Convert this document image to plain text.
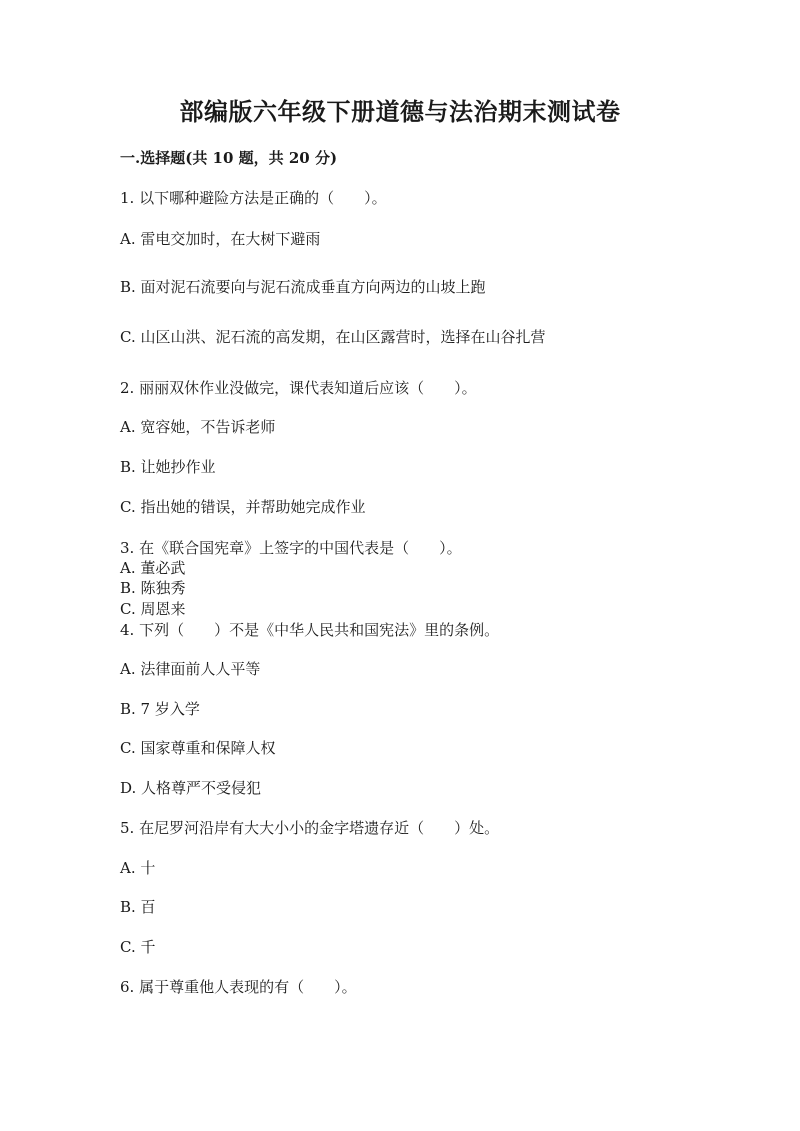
部编版六年级下册道德与法治期末测试卷

一.选择题(共 10 题，共 20 分)

1. 以下哪种避险方法是正确的（　　）。

A. 雷电交加时，在大树下避雨

B. 面对泥石流要向与泥石流成垂直方向两边的山坡上跑

C. 山区山洪、泥石流的高发期，在山区露营时，选择在山谷扎营

2. 丽丽双休作业没做完，课代表知道后应该（　　）。

A. 宽容她，不告诉老师

B. 让她抄作业

C. 指出她的错误，并帮助她完成作业

3. 在《联合国宪章》上签字的中国代表是（　　）。

A. 董必武

B. 陈独秀

C. 周恩来

4. 下列（　　）不是《中华人民共和国宪法》里的条例。

A. 法律面前人人平等

B. 7 岁入学

C. 国家尊重和保障人权

D. 人格尊严不受侵犯

5. 在尼罗河沿岸有大大小小的金字塔遗存近（　　）处。

A. 十

B. 百

C. 千

6. 属于尊重他人表现的有（　　）。
